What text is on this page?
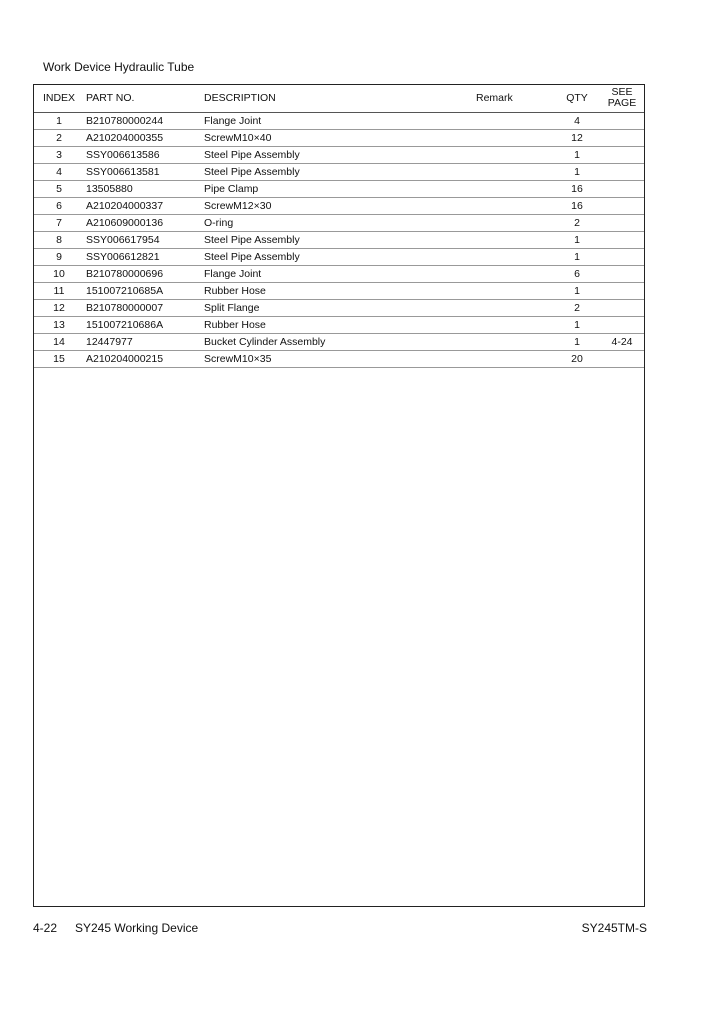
Work Device Hydraulic Tube
INDEX	PART NO.	DESCRIPTION	Remark	QTY	SEE PAGE
1	B210780000244	Flange Joint		4	
2	A210204000355	ScrewM10×40		12	
3	SSY006613586	Steel Pipe Assembly		1	
4	SSY006613581	Steel Pipe Assembly		1	
5	13505880	Pipe Clamp		16	
6	A210204000337	ScrewM12×30		16	
7	A210609000136	O-ring		2	
8	SSY006617954	Steel Pipe Assembly		1	
9	SSY006612821	Steel Pipe Assembly		1	
10	B210780000696	Flange Joint		6	
11	151007210685A	Rubber Hose		1	
12	B210780000007	Split Flange		2	
13	151007210686A	Rubber Hose		1	
14	12447977	Bucket Cylinder Assembly		1	4-24
15	A210204000215	ScrewM10×35		20	
4-22 SY245 Working Device	SY245TM-S
